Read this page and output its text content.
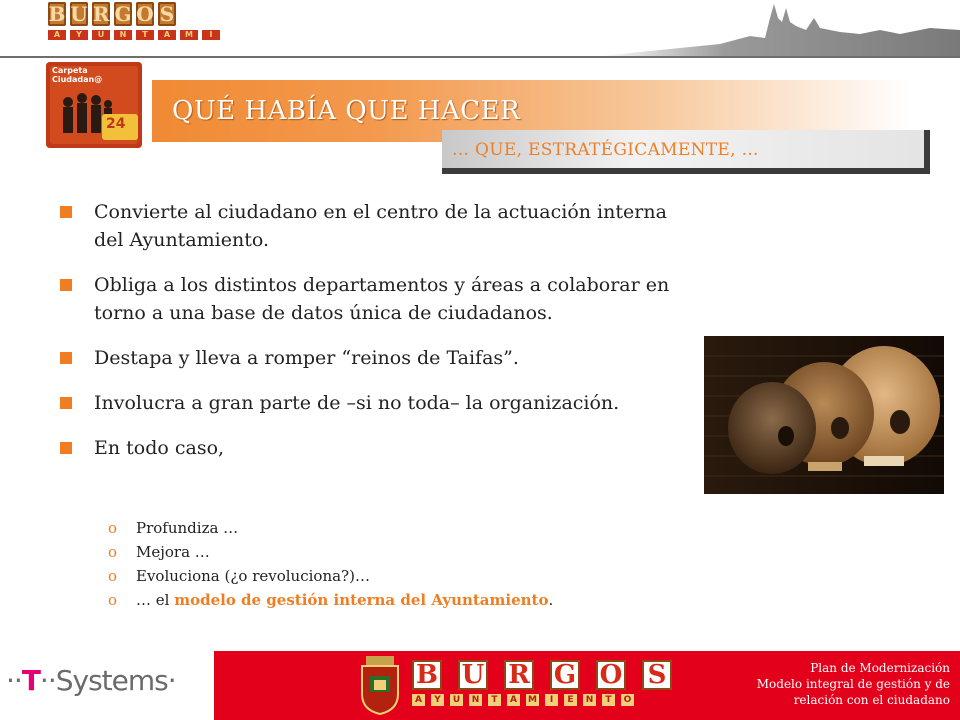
B U R G O S
A	Y	U	N	T	A	M	I
Carpeta
Ciudadan@
24 QUÉ HABÍA QUE HACER
… QUE, ESTRATÉGICAMENTE, …
Convierte al ciudadano en el centro de la actuación interna del Ayuntamiento.
Obliga a los distintos departamentos y áreas a colaborar en torno a una base de datos única de ciudadanos.
Destapa y lleva a romper “reinos de Taifas”.
Involucra a gran parte de –si no toda– la organización.
En todo caso,
o	Profundiza …
o	Mejora …
o	Evoluciona (¿o revoluciona?)…
o	… el modelo de gestión interna del Ayuntamiento.
··T··Systems·	B U R G O S
A	Y	U	N	T	A	M	I	E	N	T	O
Plan de Modernización
Modelo integral de gestión y de
relación con el ciudadano
